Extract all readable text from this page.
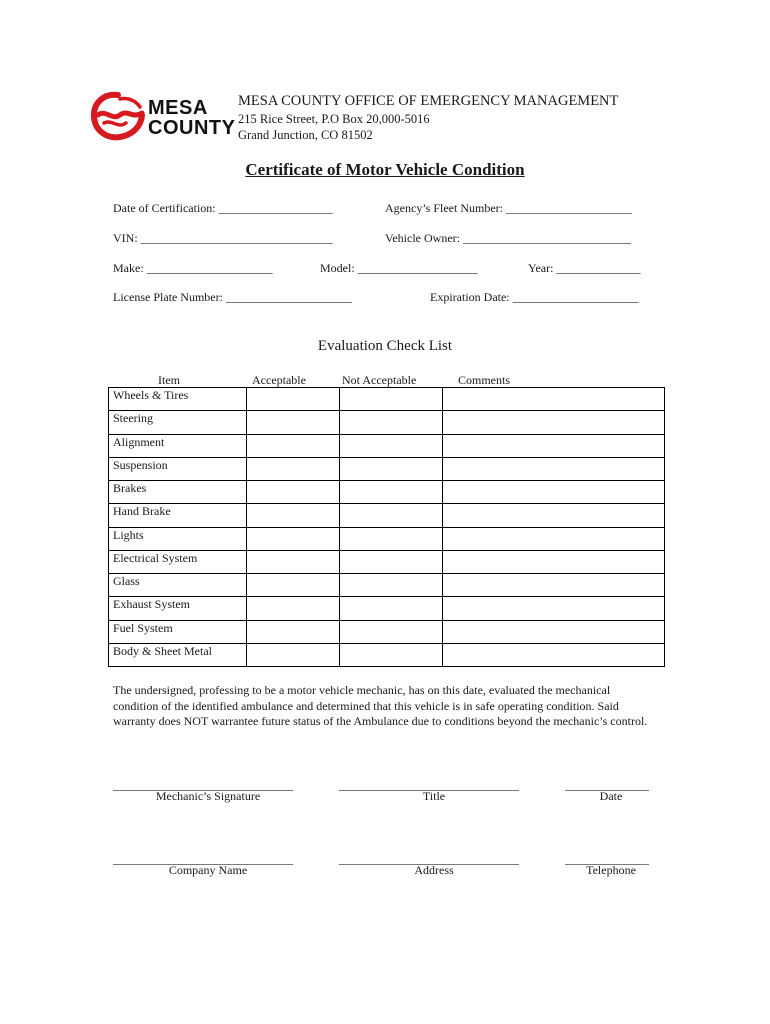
MESA
COUNTY
MESA COUNTY OFFICE OF EMERGENCY MANAGEMENT
215 Rice Street, P.O Box 20,000-5016
Grand Junction, CO 81502
Certificate of Motor Vehicle Condition
Date of Certification: ___________________	Agency’s Fleet Number: _____________________
VIN: ________________________________	Vehicle Owner: ____________________________
Make: _____________________	Model: ____________________	Year: ______________
License Plate Number: _____________________	Expiration Date: _____________________
Evaluation Check List
Item	Acceptable	Not Acceptable	Comments
Wheels & Tires			
Steering			
Alignment			
Suspension			
Brakes			
Hand Brake			
Lights			
Electrical System			
Glass			
Exhaust System			
Fuel System			
Body & Sheet Metal			
The undersigned, professing to be a motor vehicle mechanic, has on this date, evaluated the mechanical condition of the identified ambulance and determined that this vehicle is in safe operating condition. Said warranty does NOT warrantee future status of the Ambulance due to conditions beyond the mechanic’s control.
______________________________	______________________________	______________
Mechanic’s Signature	Title	Date
______________________________	______________________________	______________
Company Name	Address	Telephone
